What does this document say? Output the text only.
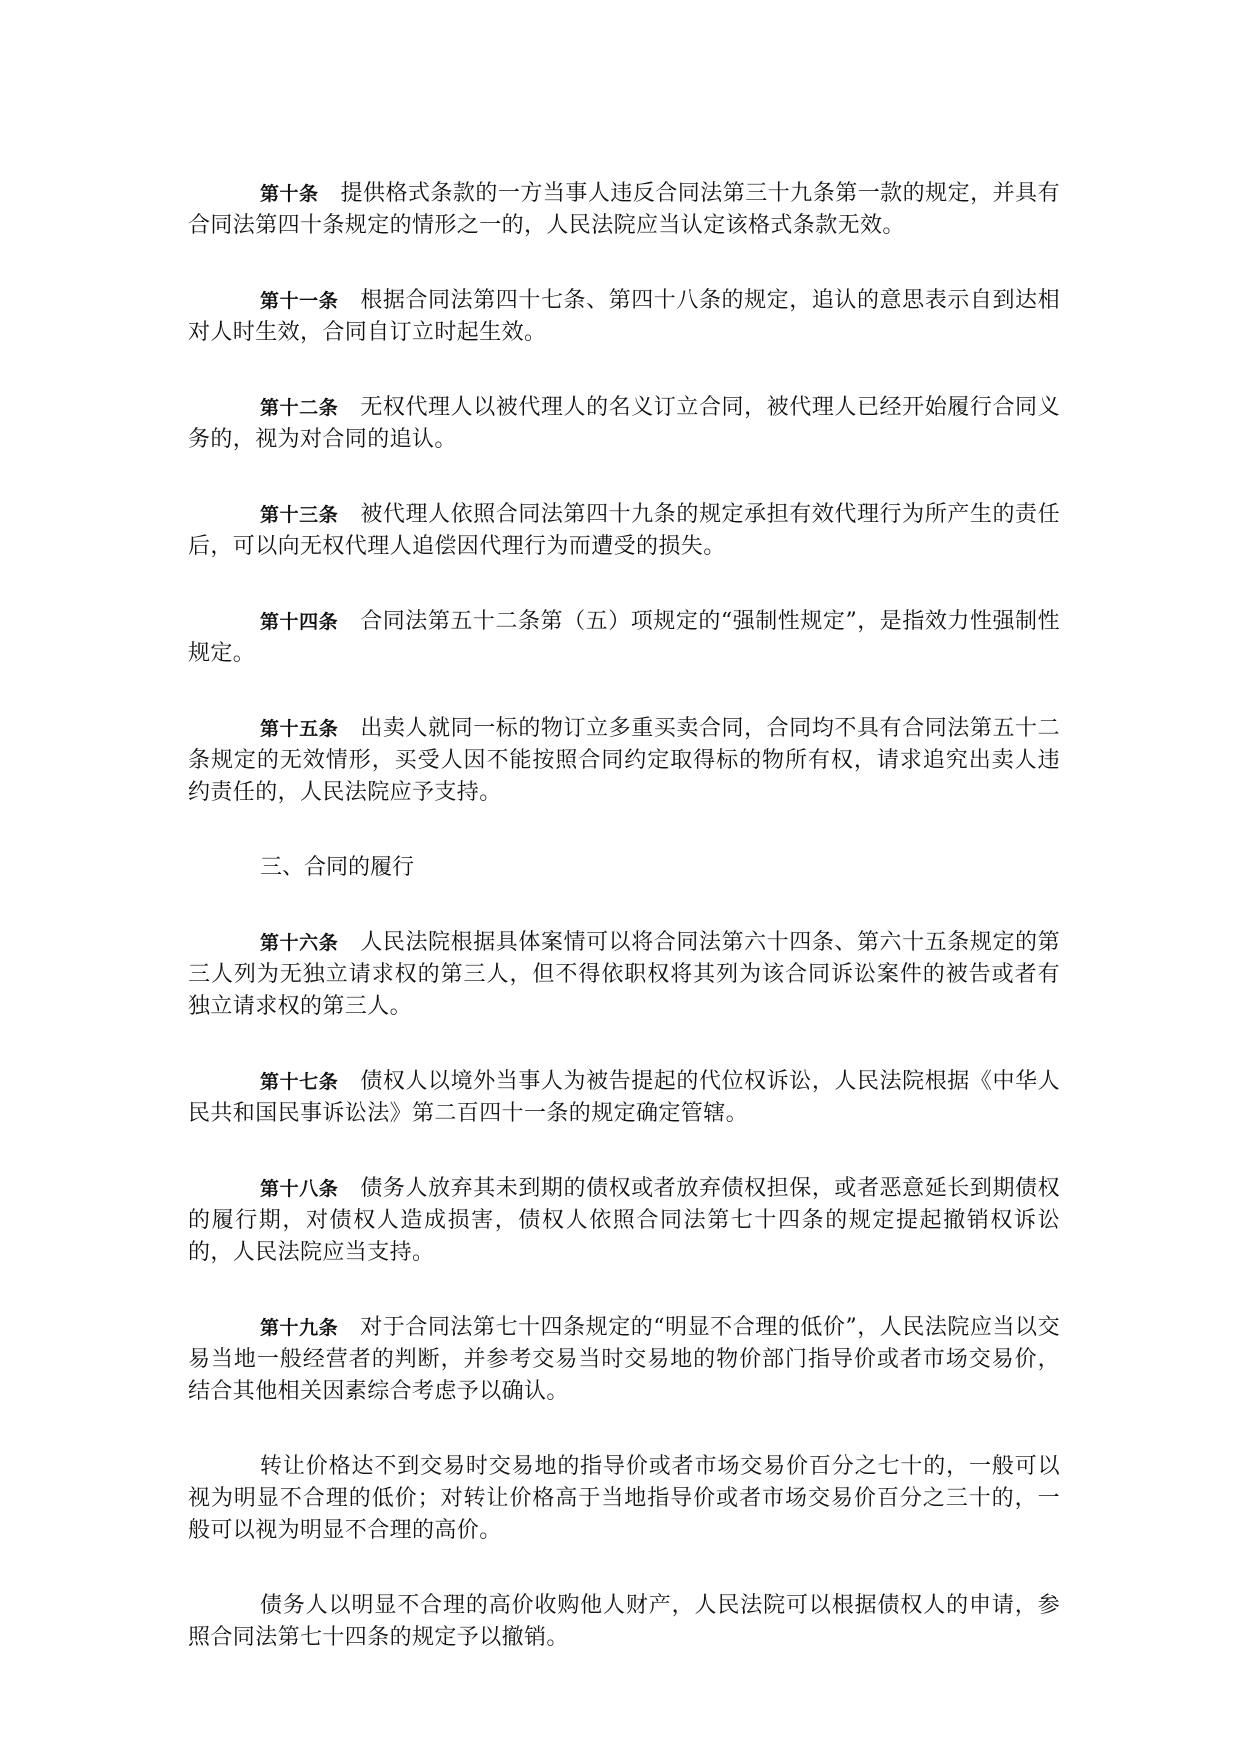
第十条 提供格式条款的一方当事人违反合同法第三十九条第一款的规定，并具有合同法第四十条规定的情形之一的，人民法院应当认定该格式条款无效。

第十一条 根据合同法第四十七条、第四十八条的规定，追认的意思表示自到达相对人时生效，合同自订立时起生效。

第十二条 无权代理人以被代理人的名义订立合同，被代理人已经开始履行合同义务的，视为对合同的追认。

第十三条 被代理人依照合同法第四十九条的规定承担有效代理行为所产生的责任后，可以向无权代理人追偿因代理行为而遭受的损失。

第十四条 合同法第五十二条第（五）项规定的“强制性规定”，是指效力性强制性规定。

第十五条 出卖人就同一标的物订立多重买卖合同，合同均不具有合同法第五十二条规定的无效情形，买受人因不能按照合同约定取得标的物所有权，请求追究出卖人违约责任的，人民法院应予支持。

三、合同的履行

第十六条 人民法院根据具体案情可以将合同法第六十四条、第六十五条规定的第三人列为无独立请求权的第三人，但不得依职权将其列为该合同诉讼案件的被告或者有独立请求权的第三人。

第十七条 债权人以境外当事人为被告提起的代位权诉讼，人民法院根据《中华人民共和国民事诉讼法》第二百四十一条的规定确定管辖。

第十八条 债务人放弃其未到期的债权或者放弃债权担保，或者恶意延长到期债权的履行期，对债权人造成损害，债权人依照合同法第七十四条的规定提起撤销权诉讼的，人民法院应当支持。

第十九条 对于合同法第七十四条规定的“明显不合理的低价”，人民法院应当以交易当地一般经营者的判断，并参考交易当时交易地的物价部门指导价或者市场交易价，结合其他相关因素综合考虑予以确认。

转让价格达不到交易时交易地的指导价或者市场交易价百分之七十的，一般可以视为明显不合理的低价；对转让价格高于当地指导价或者市场交易价百分之三十的，一般可以视为明显不合理的高价。

债务人以明显不合理的高价收购他人财产，人民法院可以根据债权人的申请，参照合同法第七十四条的规定予以撤销。
